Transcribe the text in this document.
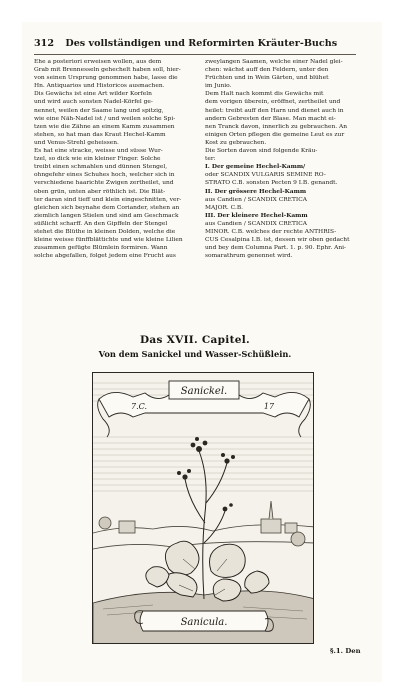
312 Des vollständigen und Reformirten Kräuter-Buchs

Ehe a posteriori erweisen wollen, aus dem

Grab mit Brennesseln gehechelt haben soll, hier-

von seinen Ursprung genommen habe, lasse die

Hn. Antiquarios und Historicos ausmachen.

Dis Gewächs ist eine Art wilder Korfeln

und wird auch sonsten Nadel-Körfel ge-

nennet, weilen der Saame lang und spitzig,

wie eine Näh-Nadel ist / und weilen solche Spi-

tzen wie die Zähne an einem Kamm zusammen

stehen, so hat man das Kraut Hechel-Kamm

und Venus-Strehl geheissen.

Es hat eine stracke, weisse und süsse Wur-

tzel, so dick wie ein kleiner Finger. Solche

treibt einen schmahlen und dünnen Stengel,

ohngefehr eines Schuhes hoch, welcher sich in

verschiedene haarichte Zwigen zertheilet, und

oben grün, unten aber röthlich ist. Die Blät-

ter daran sind tieff und klein eingeschnitten, ver-

gleichen sich beynahe dem Coriander, stehen an

ziemlich langen Stielen und sind am Geschmack

süßlicht scharff. An den Gipffeln der Stengel

stehet die Blüthe in kleinen Dolden, welche die

kleine weisse fünffblättichte und wie kleine Lilien

zusammen gefügte Blümlein formiren. Wann

solche abgefallen, folget jedem eine Frucht aus

zweylangen Saamen, welche einer Nadel glei-

chen: wächst auff den Feldern, unter den

Früchten und in Wein Gärten, und blühet

im Junio.

Dem Halt nach kommt dis Gewächs mit

dem vorigen überein, eröffnet, zertheilet und

heilet: treibt auff den Harn und dienet auch in

andern Gebresten der Blase. Man macht ei-

nen Tranck davon, innerlich zu gebrauchen. An

einigen Orten pflegen die gemeine Leut es zur

Kost zu gebrauchen.

Die Sorten davon sind folgende Kräu-

ter:

I. Der gemeine Hechel-Kamm/

oder SCANDIX VULGARIS SEMINE RO-

STRATO C.B. sonsten Pecten 9 I.B. genandt.

II. Der grössere Hechel-Kamm

aus Candien / SCANDIX CRETICA

MAJOR. C.B.

III. Der kleinere Hechel-Kamm

aus Candien / SCANDIX CRETICA

MINOR. C.B. welches der rechte ANTHRIS-

CUS Cesalpina I.B. ist, dessen wir oben gedacht

und bey dem Columna Part. 1. p. 90. Ephr. Ani-

somarathrum genennet wird.

Das XVII. Capitel.
Von dem Sanickel und Wasser-Schüßlein.
Sanickel.
7.C.	17
Sanicula.
§.1. Den
